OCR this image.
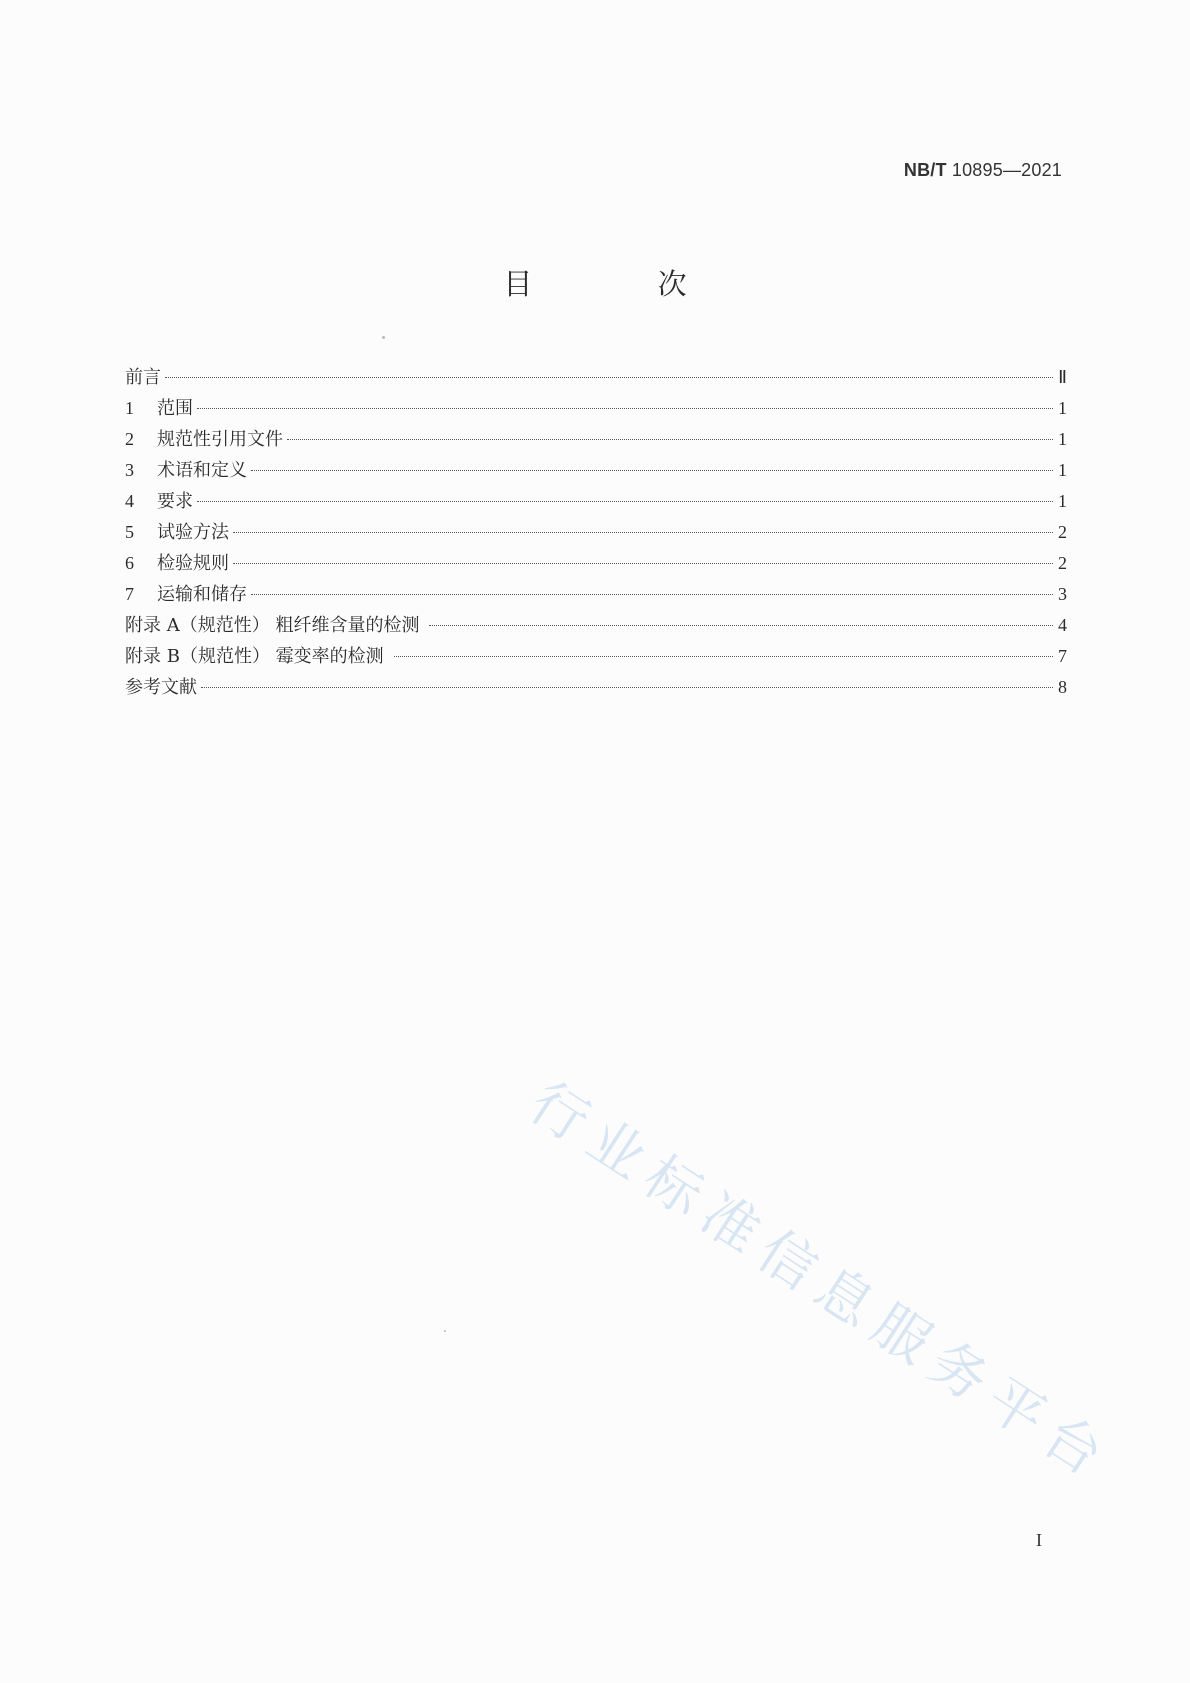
NB/T 10895—2021
目 次
前言	Ⅱ
1	范围	1
2	规范性引用文件	1
3	术语和定义	1
4	要求	1
5	试验方法	2
6	检验规则	2
7	运输和储存	3
附录 A（规范性） 粗纤维含量的检测	4
附录 B（规范性） 霉变率的检测	7
参考文献	8
行业标准信息服务平台
I
